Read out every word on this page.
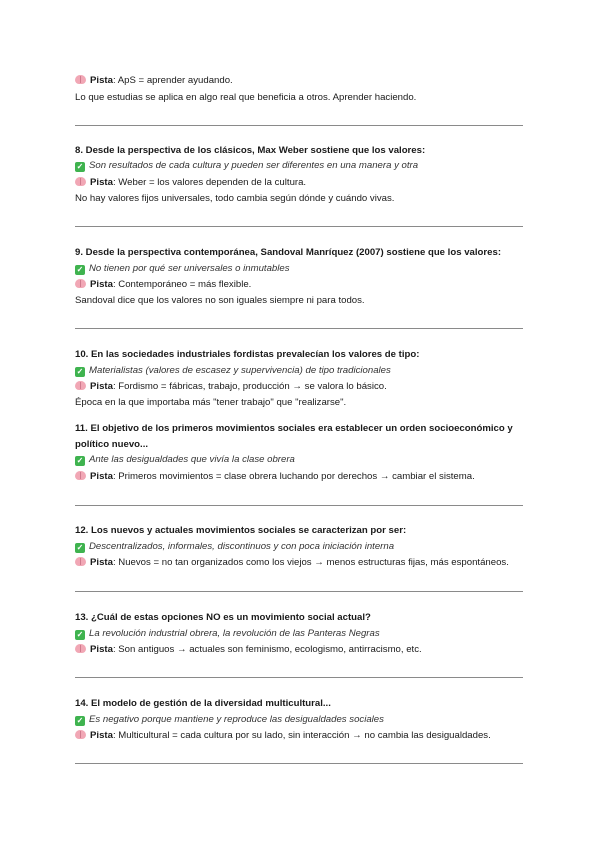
Pista: ApS = aprender ayudando.
Lo que estudias se aplica en algo real que beneficia a otros. Aprender haciendo.
8. Desde la perspectiva de los clásicos, Max Weber sostiene que los valores:
✓ Son resultados de cada cultura y pueden ser diferentes en una manera y otra
Pista: Weber = los valores dependen de la cultura.
No hay valores fijos universales, todo cambia según dónde y cuándo vivas.
9. Desde la perspectiva contemporánea, Sandoval Manríquez (2007) sostiene que los valores:
✓ No tienen por qué ser universales o inmutables
Pista: Contemporáneo = más flexible.
Sandoval dice que los valores no son iguales siempre ni para todos.
10. En las sociedades industriales fordistas prevalecían los valores de tipo:
✓ Materialistas (valores de escasez y supervivencia) de tipo tradicionales
Pista: Fordismo = fábricas, trabajo, producción → se valora lo básico.
Época en la que importaba más "tener trabajo" que "realizarse".
11. El objetivo de los primeros movimientos sociales era establecer un orden socioeconómico y
político nuevo...
✓ Ante las desigualdades que vivía la clase obrera
Pista: Primeros movimientos = clase obrera luchando por derechos → cambiar el sistema.
12. Los nuevos y actuales movimientos sociales se caracterizan por ser:
✓ Descentralizados, informales, discontinuos y con poca iniciación interna
Pista: Nuevos = no tan organizados como los viejos → menos estructuras fijas, más espontáneos.
13. ¿Cuál de estas opciones NO es un movimiento social actual?
✓ La revolución industrial obrera, la revolución de las Panteras Negras
Pista: Son antiguos → actuales son feminismo, ecologismo, antirracismo, etc.
14. El modelo de gestión de la diversidad multicultural...
✓ Es negativo porque mantiene y reproduce las desigualdades sociales
Pista: Multicultural = cada cultura por su lado, sin interacción → no cambia las desigualdades.
